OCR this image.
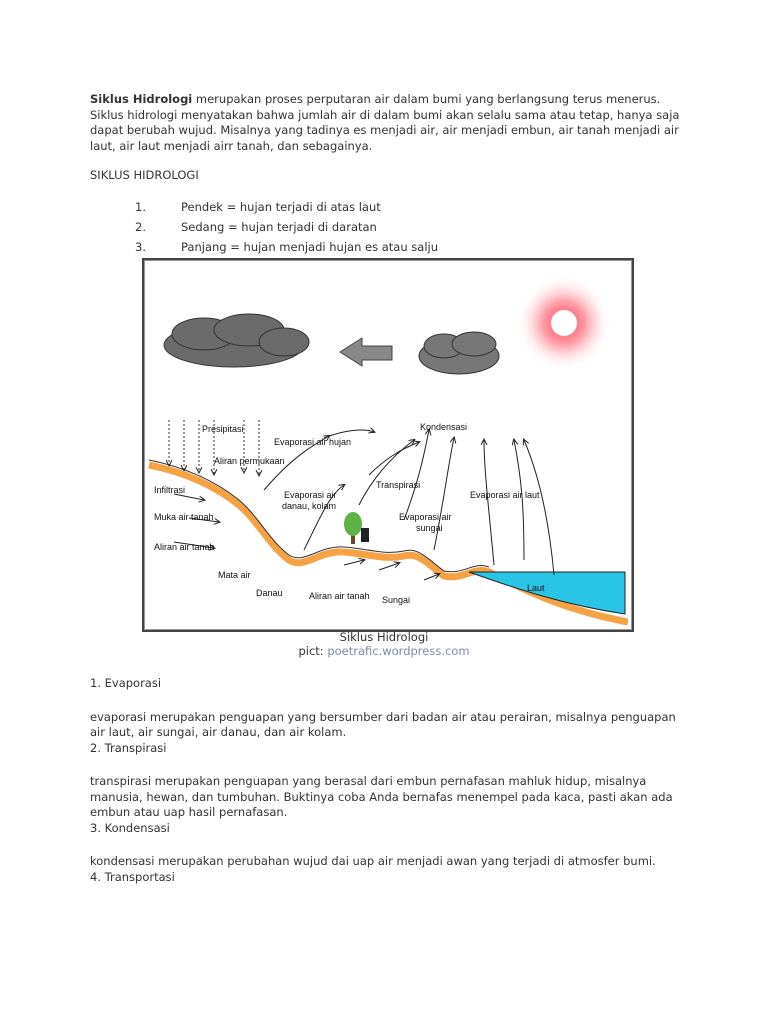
Siklus Hidrologi merupakan proses perputaran air dalam bumi yang berlangsung terus menerus. Siklus hidrologi menyatakan bahwa jumlah air di dalam bumi akan selalu sama atau tetap, hanya saja dapat berubah wujud. Misalnya yang tadinya es menjadi air, air menjadi embun, air tanah menjadi air laut, air laut menjadi airr tanah, dan sebagainya.

SIKLUS HIDROLOGI

1.	Pendek = hujan terjadi di atas laut
2.	Sedang = hujan terjadi di daratan
3.	Panjang = hujan menjadi hujan es atau salju
Presipitasi
Aliran permukaan
Infiltrasi
Muka air tanah
Aliran air tanah
Mata air
Danau	Aliran air tanah Sungai
Evaporasi air hujan
Kondensasi
Evaporasi air
danau, kolam
Transpirasi
Evaporasi air
sungai
Evaporasi air laut
Laut
Siklus Hidrologi
pict: poetrafic.wordpress.com

1. Evaporasi

evaporasi merupakan penguapan yang bersumber dari badan air atau perairan, misalnya penguapan air laut, air sungai, air danau, dan air kolam.

2. Transpirasi

transpirasi merupakan penguapan yang berasal dari embun pernafasan mahluk hidup, misalnya manusia, hewan, dan tumbuhan. Buktinya coba Anda bernafas menempel pada kaca, pasti akan ada embun atau uap hasil pernafasan.

3. Kondensasi

kondensasi merupakan perubahan wujud dai uap air menjadi awan yang terjadi di atmosfer bumi.

4. Transportasi
